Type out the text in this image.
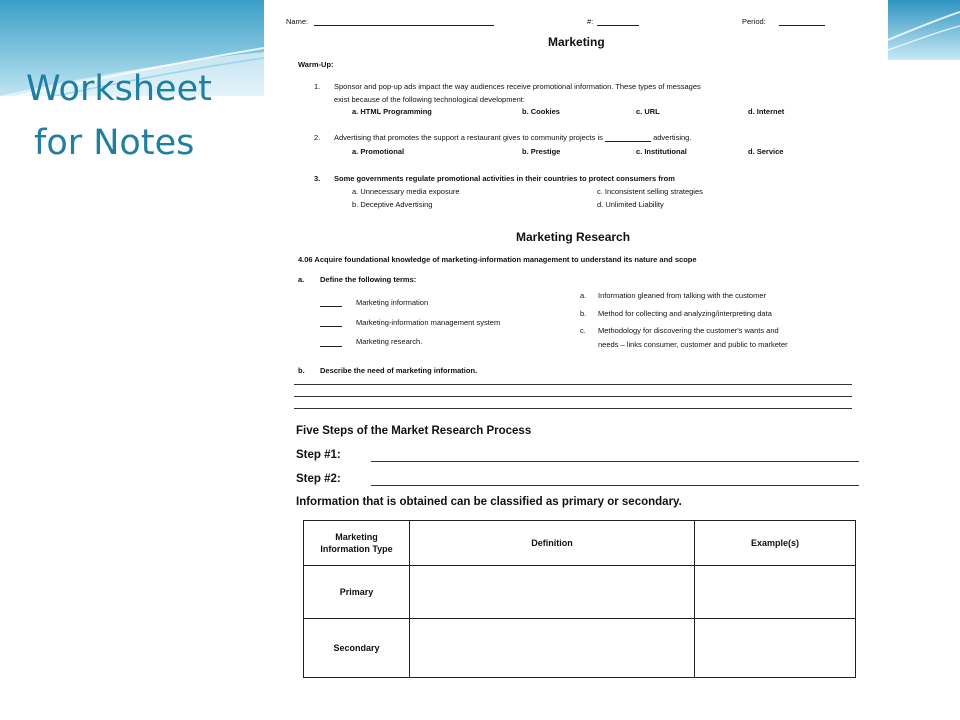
Worksheet
for Notes
Name:	#:	Period:
Marketing
Warm-Up:
1. Sponsor and pop-up ads impact the way audiences receive promotional information. These types of messages
exist because of the following technological development:
a. HTML Programming	b. Cookies	c. URL	d. Internet
2. Advertising that promotes the support a restaurant gives to community projects is	advertising.
a. Promotional	b. Prestige	c. Institutional	d. Service
3. Some governments regulate promotional activities in their countries to protect consumers from
a. Unnecessary media exposure	c. Inconsistent selling strategies
b. Deceptive Advertising	d. Unlimited Liability
Marketing Research
4.06 Acquire foundational knowledge of marketing-information management to understand its nature and scope
a. Define the following terms:
Marketing information
Marketing-information management system
Marketing research.
a. Information gleaned from talking with the customer
b. Method for collecting and analyzing/interpreting data
c. Methodology for discovering the customer's wants and
needs – links consumer, customer and public to marketer
b. Describe the need of marketing information.
Five Steps of the Market Research Process
Step #1:
Step #2:
Information that is obtained can be classified as primary or secondary.
Marketing
Information Type	Definition	Example(s)
Primary		
Secondary		
